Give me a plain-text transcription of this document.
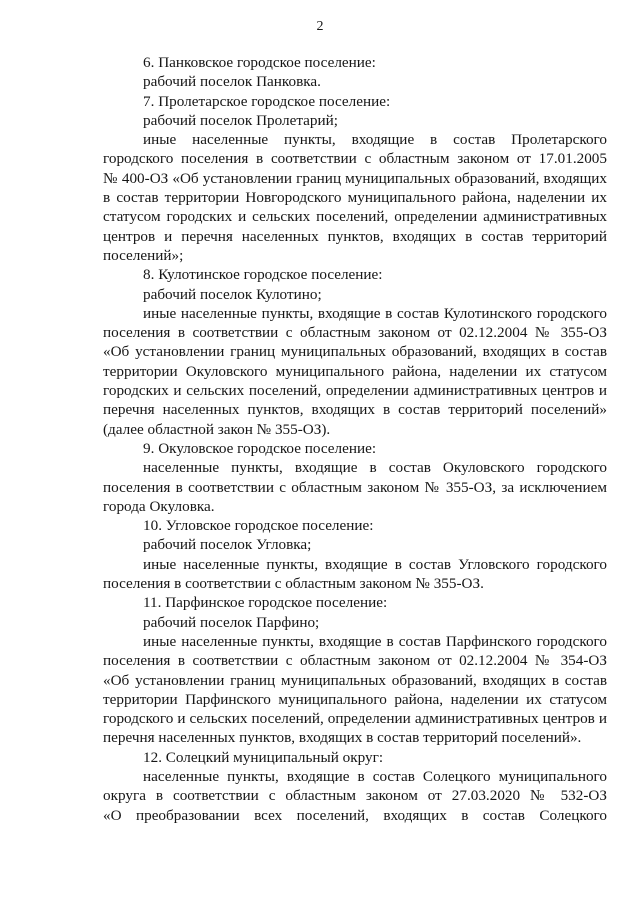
2
6. Панковское городское поселение:
рабочий поселок Панковка.
7. Пролетарское городское поселение:
рабочий поселок Пролетарий;
иные населенные пункты, входящие в состав Пролетарского
городского поселения в соответствии с областным законом от 17.01.2005
№ 400-ОЗ «Об установлении границ муниципальных образований, входящих
в состав территории Новгородского муниципального района, наделении их
статусом городских и сельских поселений, определении административных
центров и перечня населенных пунктов, входящих в состав территорий
поселений»;
8. Кулотинское городское поселение:
рабочий поселок Кулотино;
иные населенные пункты, входящие в состав Кулотинского городского
поселения в соответствии с областным законом от 02.12.2004 № 355-ОЗ
«Об установлении границ муниципальных образований, входящих в состав
территории Окуловского муниципального района, наделении их статусом
городских и сельских поселений, определении административных центров и
перечня населенных пунктов, входящих в состав территорий поселений»
(далее областной закон № 355-ОЗ).
9. Окуловское городское поселение:
населенные пункты, входящие в состав Окуловского городского
поселения в соответствии с областным законом № 355-ОЗ, за исключением
города Окуловка.
10. Угловское городское поселение:
рабочий поселок Угловка;
иные населенные пункты, входящие в состав Угловского городского
поселения в соответствии с областным законом № 355-ОЗ.
11. Парфинское городское поселение:
рабочий поселок Парфино;
иные населенные пункты, входящие в состав Парфинского городского
поселения в соответствии с областным законом от 02.12.2004 № 354-ОЗ
«Об установлении границ муниципальных образований, входящих в состав
территории Парфинского муниципального района, наделении их статусом
городского и сельских поселений, определении административных центров и
перечня населенных пунктов, входящих в состав территорий поселений».
12. Солецкий муниципальный округ:
населенные пункты, входящие в состав Солецкого муниципального
округа в соответствии с областным законом от 27.03.2020 № 532-ОЗ
«О преобразовании всех поселений, входящих в состав Солецкого
